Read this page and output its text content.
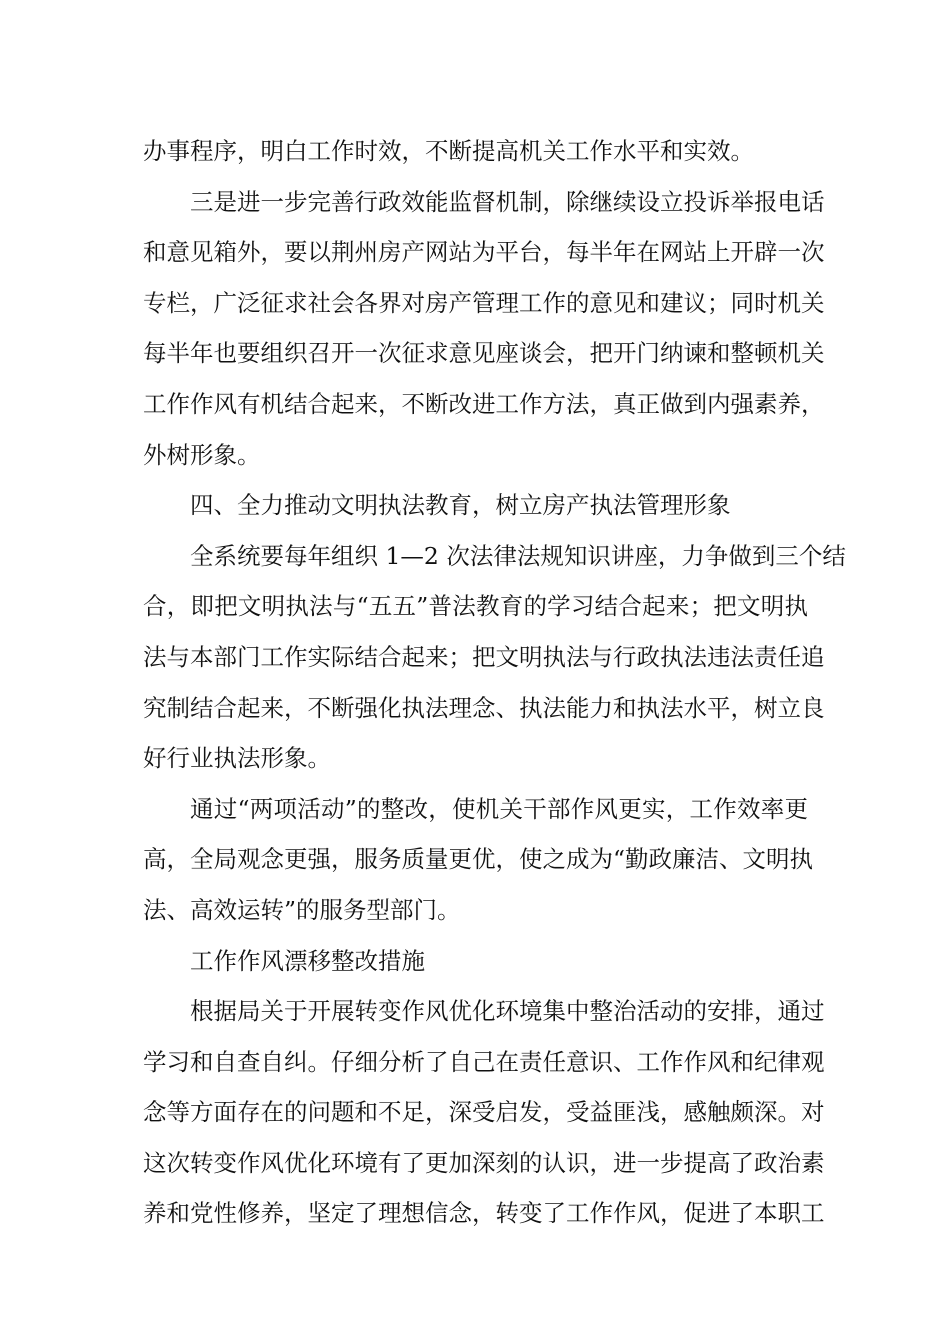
办事程序，明白工作时效，不断提高机关工作水平和实效。
三是进一步完善行政效能监督机制，除继续设立投诉举报电话
和意见箱外，要以荆州房产网站为平台，每半年在网站上开辟一次
专栏，广泛征求社会各界对房产管理工作的意见和建议；同时机关
每半年也要组织召开一次征求意见座谈会，把开门纳谏和整顿机关
工作作风有机结合起来，不断改进工作方法，真正做到内强素养，
外树形象。
四、全力推动文明执法教育，树立房产执法管理形象
全系统要每年组织 1—2 次法律法规知识讲座，力争做到三个结
合，即把文明执法与“五五”普法教育的学习结合起来；把文明执
法与本部门工作实际结合起来；把文明执法与行政执法违法责任追
究制结合起来，不断强化执法理念、执法能力和执法水平，树立良
好行业执法形象。
通过“两项活动”的整改，使机关干部作风更实，工作效率更
高，全局观念更强，服务质量更优，使之成为“勤政廉洁、文明执
法、高效运转”的服务型部门。
工作作风漂移整改措施
根据局关于开展转变作风优化环境集中整治活动的安排，通过
学习和自查自纠。仔细分析了自己在责任意识、工作作风和纪律观
念等方面存在的问题和不足，深受启发，受益匪浅，感触颇深。对
这次转变作风优化环境有了更加深刻的认识，进一步提高了政治素
养和党性修养，坚定了理想信念，转变了工作作风，促进了本职工
